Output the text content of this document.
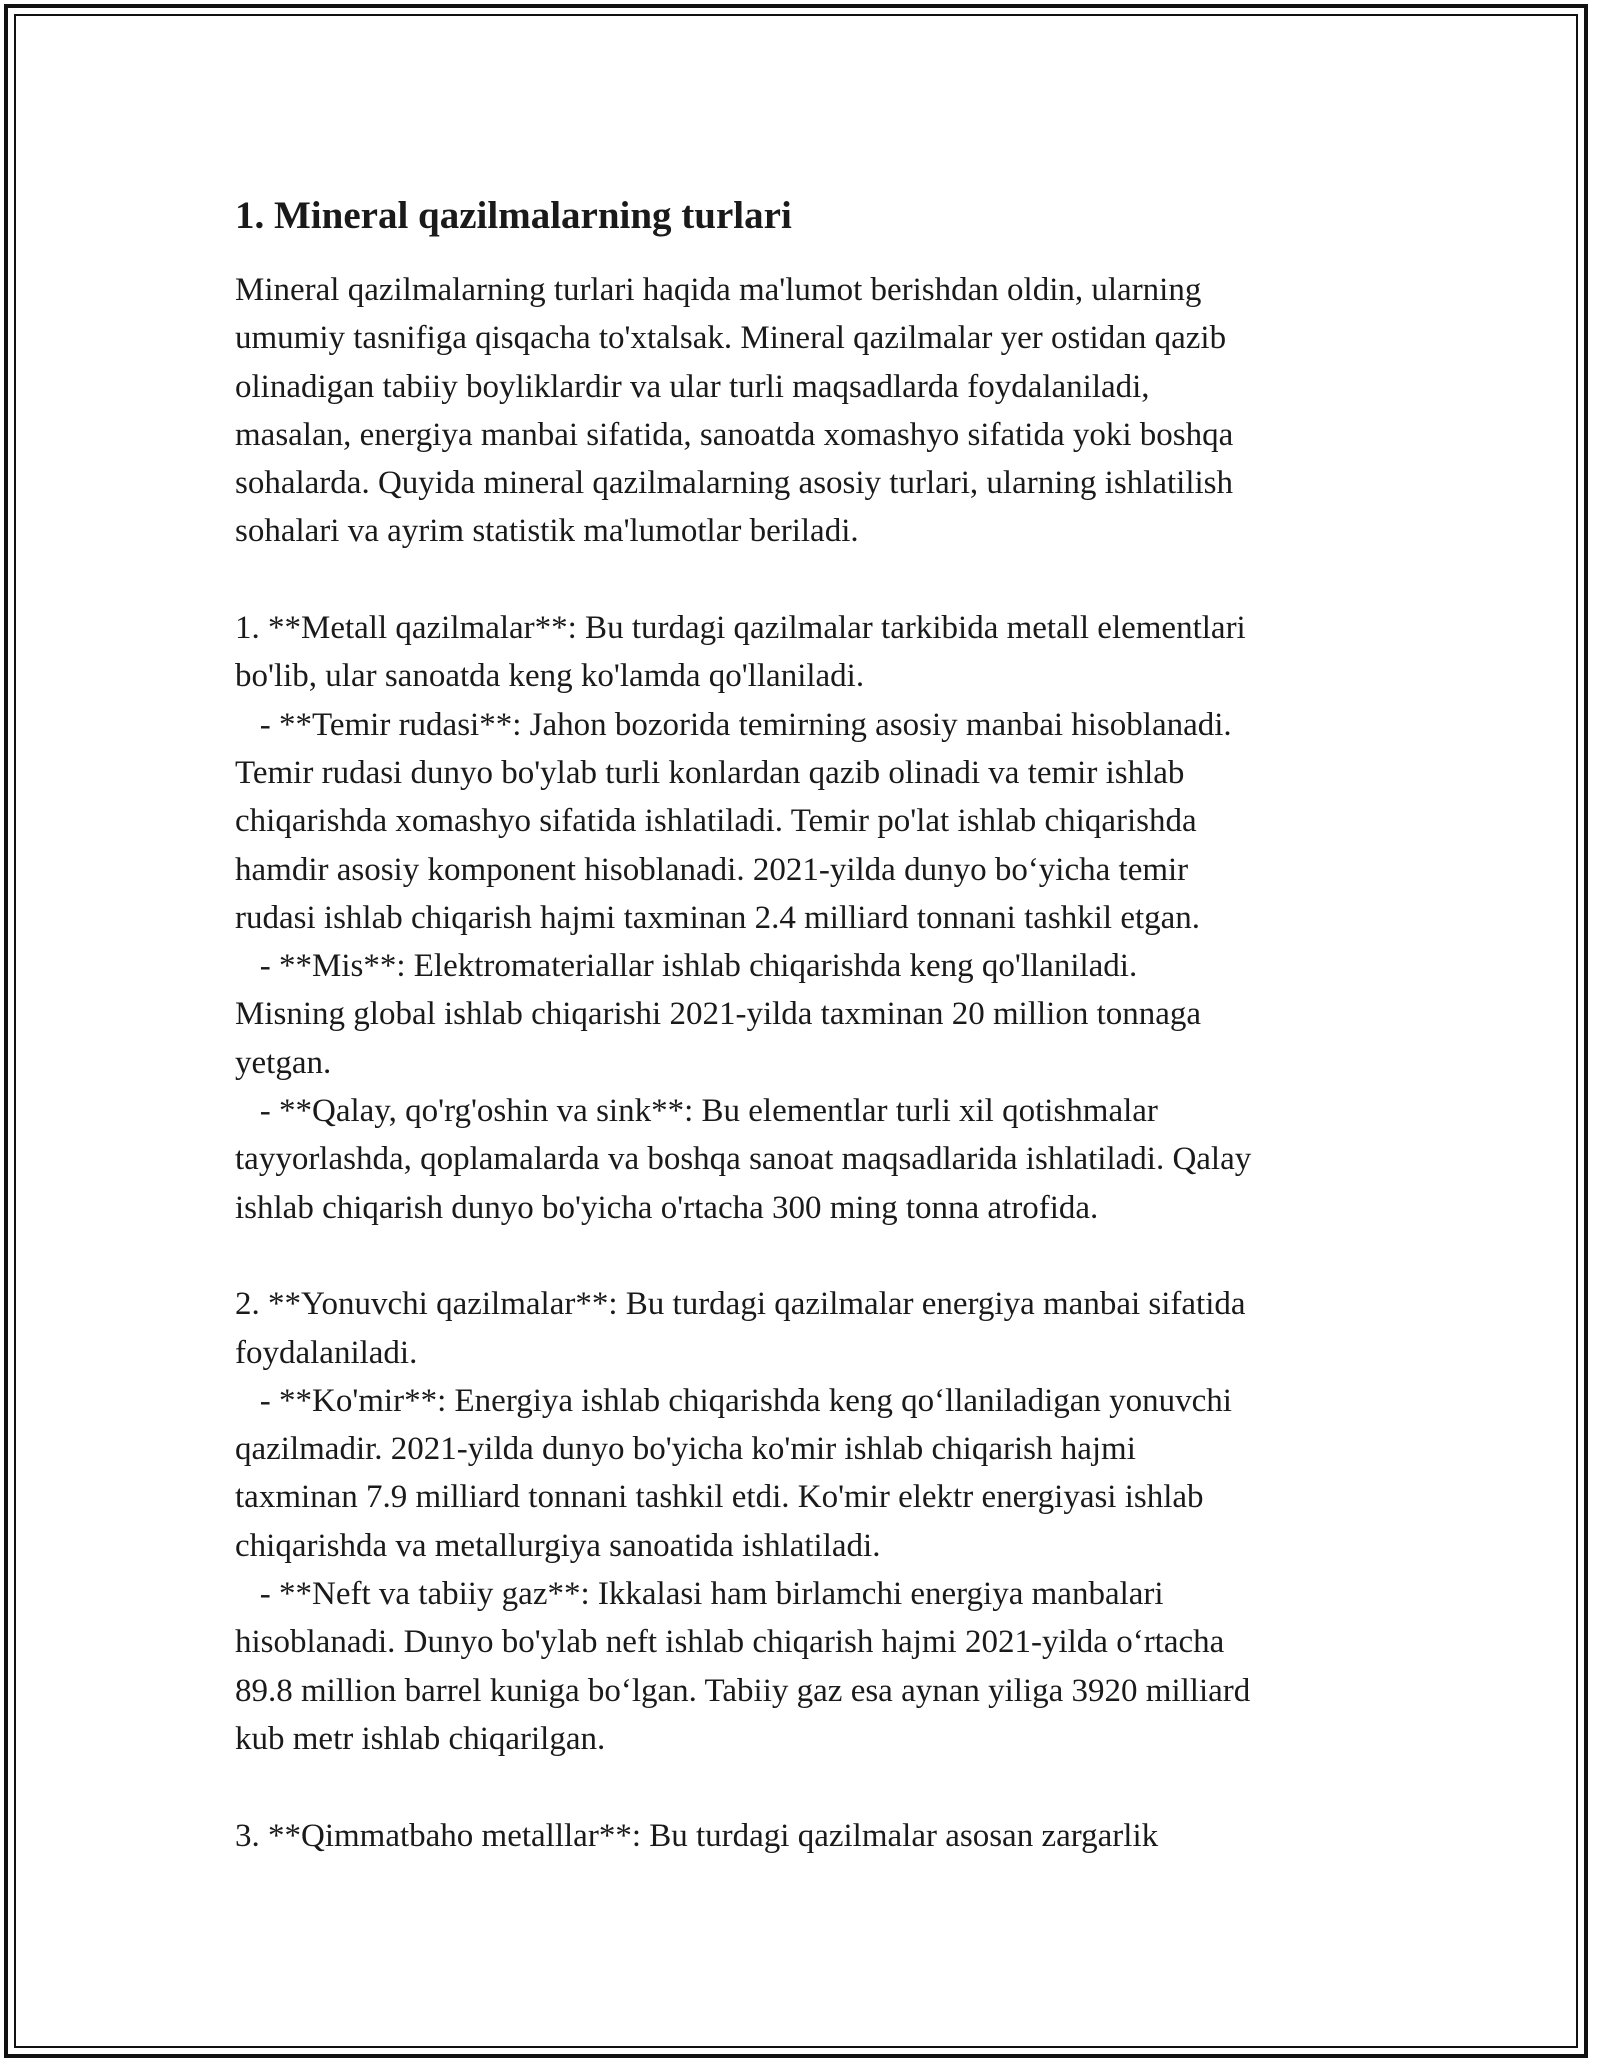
1. Mineral qazilmalarning turlari

Mineral qazilmalarning turlari haqida ma'lumot berishdan oldin, ularning

umumiy tasnifiga qisqacha to'xtalsak. Mineral qazilmalar yer ostidan qazib

olinadigan tabiiy boyliklardir va ular turli maqsadlarda foydalaniladi,

masalan, energiya manbai sifatida, sanoatda xomashyo sifatida yoki boshqa

sohalarda. Quyida mineral qazilmalarning asosiy turlari, ularning ishlatilish

sohalari va ayrim statistik ma'lumotlar beriladi.

1. **Metall qazilmalar**: Bu turdagi qazilmalar tarkibida metall elementlari

bo'lib, ular sanoatda keng ko'lamda qo'llaniladi.

- **Temir rudasi**: Jahon bozorida temirning asosiy manbai hisoblanadi.

Temir rudasi dunyo bo'ylab turli konlardan qazib olinadi va temir ishlab

chiqarishda xomashyo sifatida ishlatiladi. Temir po'lat ishlab chiqarishda

hamdir asosiy komponent hisoblanadi. 2021-yilda dunyo bo‘yicha temir

rudasi ishlab chiqarish hajmi taxminan 2.4 milliard tonnani tashkil etgan.

- **Mis**: Elektromateriallar ishlab chiqarishda keng qo'llaniladi.

Misning global ishlab chiqarishi 2021-yilda taxminan 20 million tonnaga

yetgan.

- **Qalay, qo'rg'oshin va sink**: Bu elementlar turli xil qotishmalar

tayyorlashda, qoplamalarda va boshqa sanoat maqsadlarida ishlatiladi. Qalay

ishlab chiqarish dunyo bo'yicha o'rtacha 300 ming tonna atrofida.

2. **Yonuvchi qazilmalar**: Bu turdagi qazilmalar energiya manbai sifatida

foydalaniladi.

- **Ko'mir**: Energiya ishlab chiqarishda keng qo‘llaniladigan yonuvchi

qazilmadir. 2021-yilda dunyo bo'yicha ko'mir ishlab chiqarish hajmi

taxminan 7.9 milliard tonnani tashkil etdi. Ko'mir elektr energiyasi ishlab

chiqarishda va metallurgiya sanoatida ishlatiladi.

- **Neft va tabiiy gaz**: Ikkalasi ham birlamchi energiya manbalari

hisoblanadi. Dunyo bo'ylab neft ishlab chiqarish hajmi 2021-yilda o‘rtacha

89.8 million barrel kuniga bo‘lgan. Tabiiy gaz esa aynan yiliga 3920 milliard

kub metr ishlab chiqarilgan.

3. **Qimmatbaho metalllar**: Bu turdagi qazilmalar asosan zargarlik
